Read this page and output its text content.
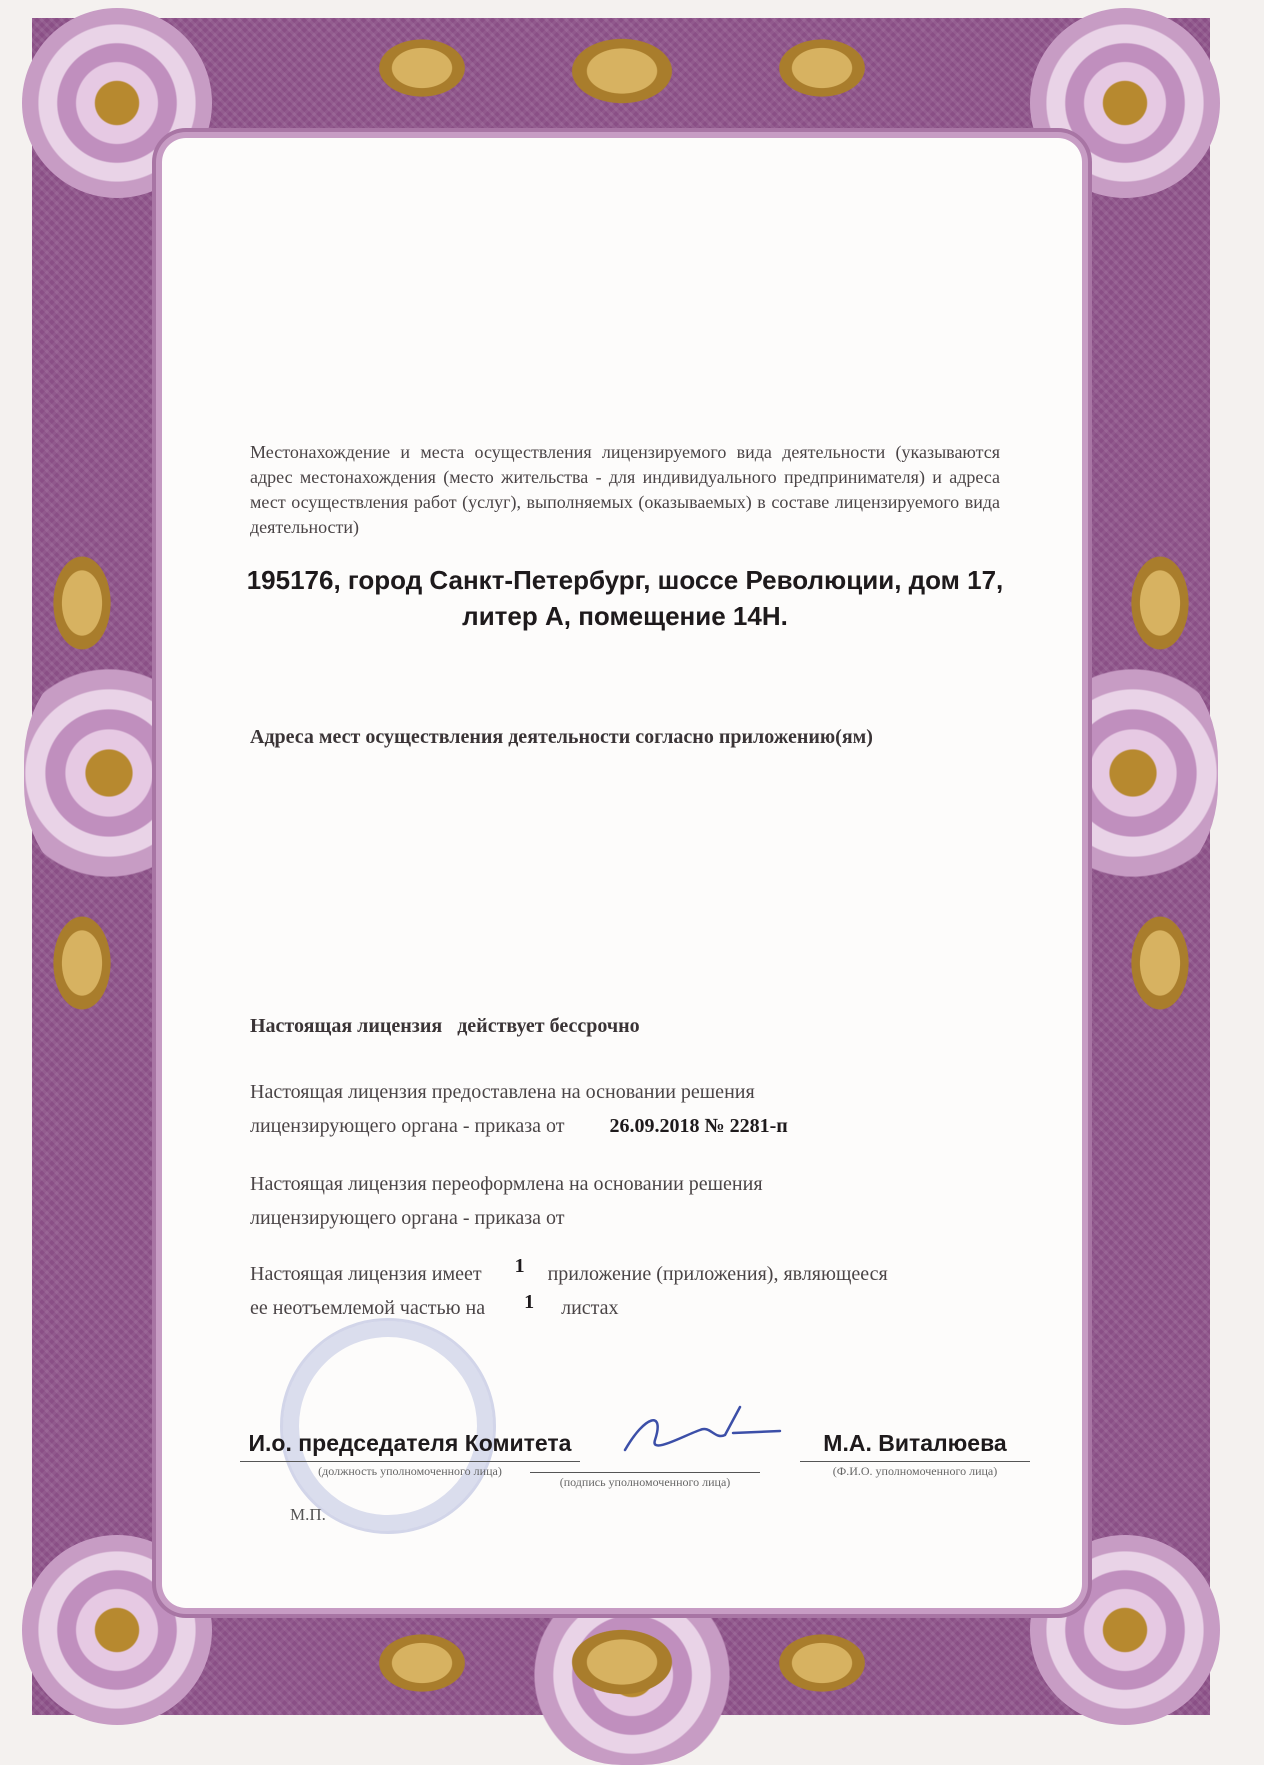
Местонахождение и места осуществления лицензируемого вида деятельности (указываются адрес местонахождения (место жительства - для индивидуального предпринимателя) и адреса мест осуществления работ (услуг), выполняемых (оказываемых) в составе лицензируемого вида деятельности)

195176, город Санкт-Петербург, шоссе Революции, дом 17,
литер А, помещение 14Н.

Адреса мест осуществления деятельности согласно приложению(ям)

Настоящая лицензия действует бессрочно
Настоящая лицензия предоставлена на основании решения
лицензирующего органа - приказа от 26.09.2018 № 2281-п
Настоящая лицензия переоформлена на основании решения
лицензирующего органа - приказа от
Настоящая лицензия имеет 1 приложение (приложения), являющееся
ее неотъемлемой частью на 1 листах
И.о. председателя Комитета
(должность уполномоченного лица)
(подпись уполномоченного лица)
М.А. Виталюева
(Ф.И.О. уполномоченного лица)
М.П.
